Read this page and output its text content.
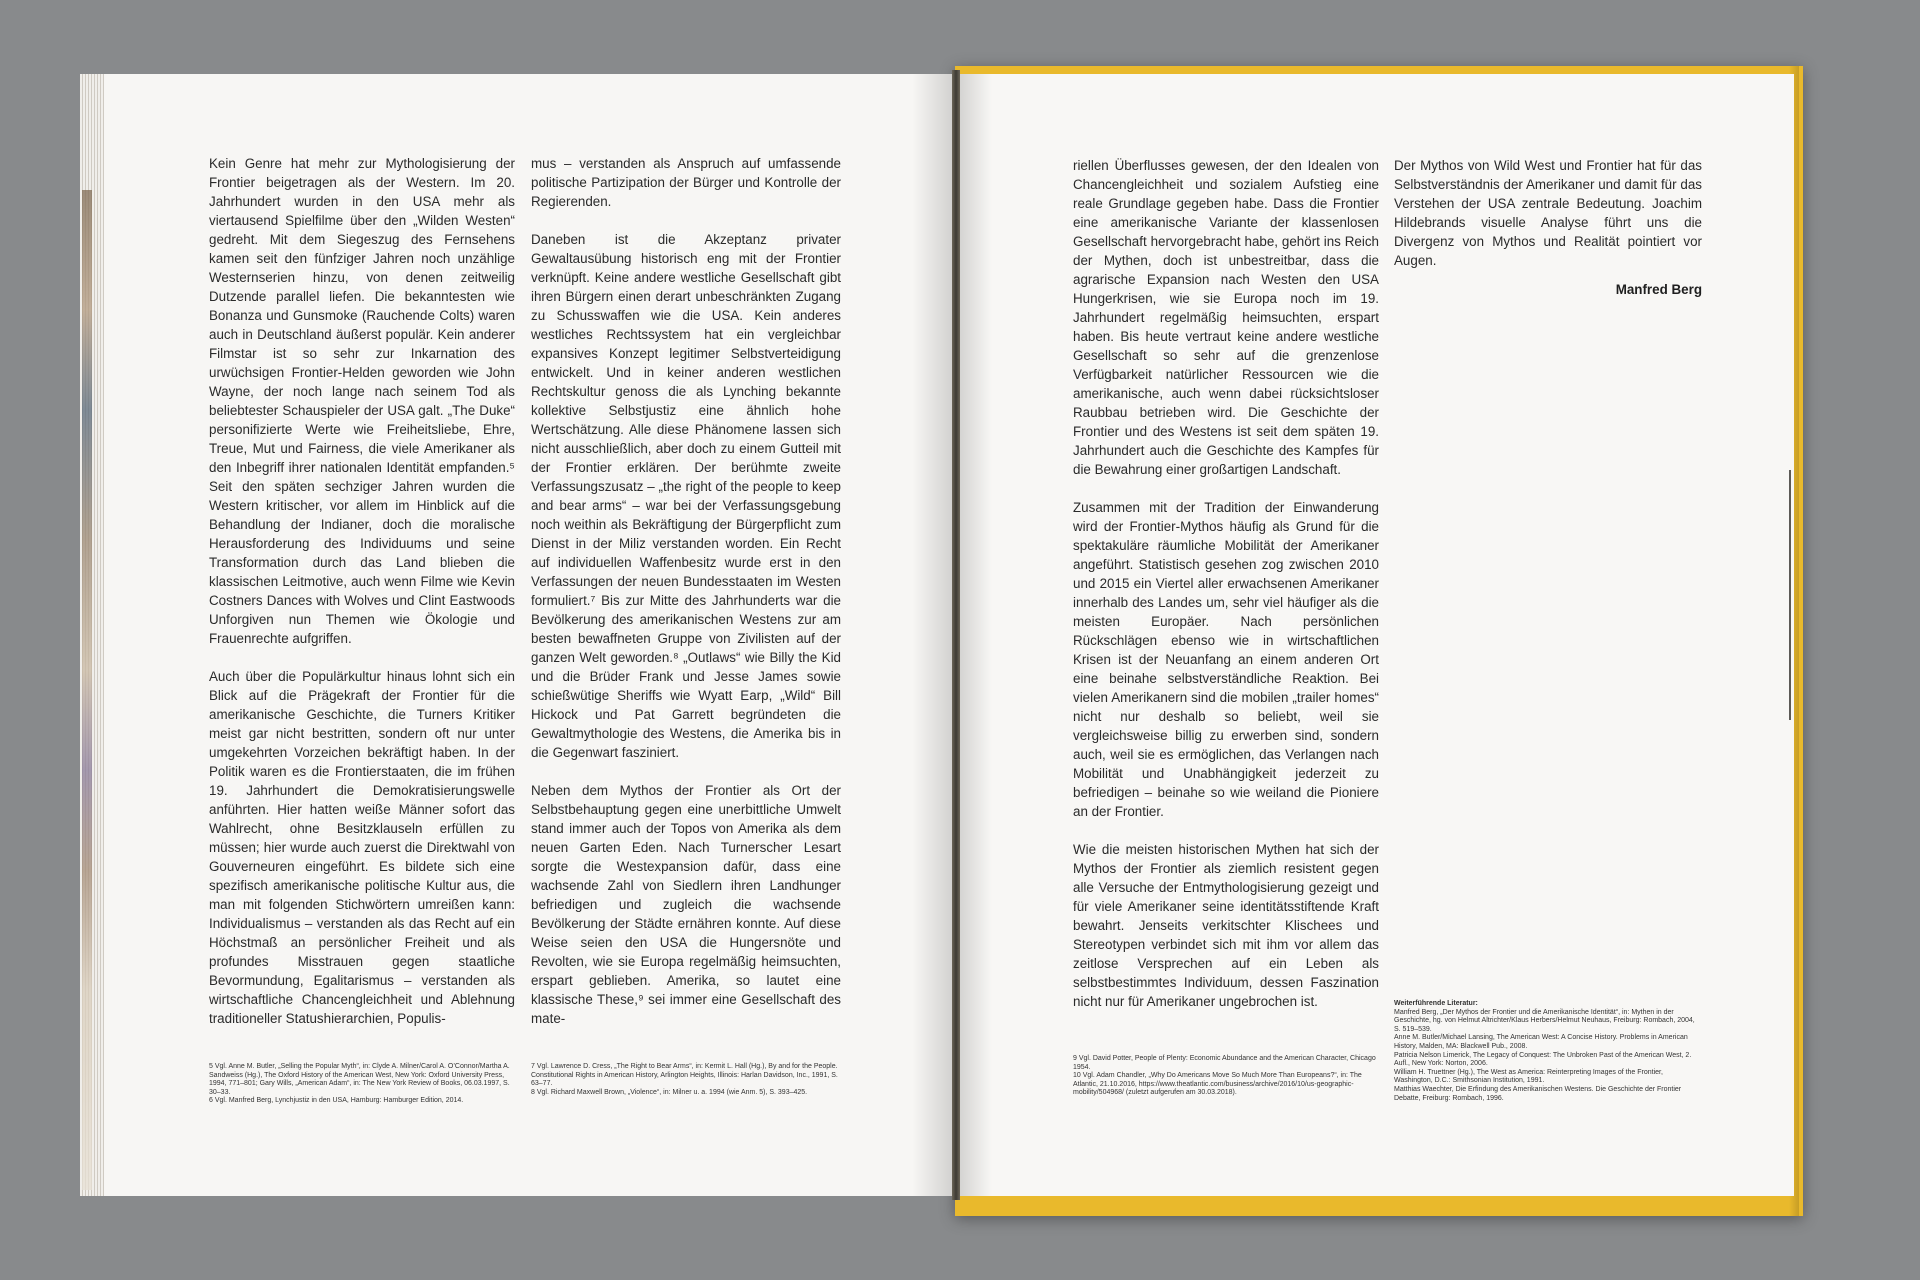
Kein Genre hat mehr zur Mythologisierung der Frontier beigetragen als der Western. Im 20. Jahrhundert wurden in den USA mehr als viertausend Spielfilme über den „Wilden Westen“ gedreht. Mit dem Siegeszug des Fernsehens kamen seit den fünfziger Jahren noch unzählige Westernserien hinzu, von denen zeitweilig Dutzende parallel liefen. Die bekanntesten wie Bonanza und Gunsmoke (Rauchende Colts) waren auch in Deutschland äußerst populär. Kein anderer Filmstar ist so sehr zur Inkarnation des urwüchsigen Frontier-Helden geworden wie John Wayne, der noch lange nach seinem Tod als beliebtester Schauspieler der USA galt. „The Duke“ personifizierte Werte wie Freiheitsliebe, Ehre, Treue, Mut und Fairness, die viele Amerikaner als den Inbegriff ihrer nationalen Identität empfanden.⁵ Seit den späten sechziger Jahren wurden die Western kritischer, vor allem im Hinblick auf die Behandlung der Indianer, doch die moralische Herausforderung des Individuums und seine Transformation durch das Land blieben die klassischen Leitmotive, auch wenn Filme wie Kevin Costners Dances with Wolves und Clint Eastwoods Unforgiven nun Themen wie Ökologie und Frauenrechte aufgriffen.

Auch über die Populärkultur hinaus lohnt sich ein Blick auf die Prägekraft der Frontier für die amerikanische Geschichte, die Turners Kritiker meist gar nicht bestritten, sondern oft nur unter umgekehrten Vorzeichen bekräftigt haben. In der Politik waren es die Frontierstaaten, die im frühen 19. Jahrhundert die Demokratisierungswelle anführten. Hier hatten weiße Männer sofort das Wahlrecht, ohne Besitzklauseln erfüllen zu müssen; hier wurde auch zuerst die Direktwahl von Gouverneuren eingeführt. Es bildete sich eine spezifisch amerikanische politische Kultur aus, die man mit folgenden Stichwörtern umreißen kann: Individualismus – verstanden als das Recht auf ein Höchstmaß an persönlicher Freiheit und als profundes Misstrauen gegen staatliche Bevormundung, Egalitarismus – verstanden als wirtschaftliche Chancengleichheit und Ablehnung traditioneller Statushierarchien, Populis-

mus – verstanden als Anspruch auf umfassende politische Partizipation der Bürger und Kontrolle der Regierenden.

Daneben ist die Akzeptanz privater Gewaltausübung historisch eng mit der Frontier verknüpft. Keine andere westliche Gesellschaft gibt ihren Bürgern einen derart unbeschränkten Zugang zu Schusswaffen wie die USA. Kein anderes westliches Rechtssystem hat ein vergleichbar expansives Konzept legitimer Selbstverteidigung entwickelt. Und in keiner anderen westlichen Rechtskultur genoss die als Lynching bekannte kollektive Selbstjustiz eine ähnlich hohe Wertschätzung. Alle diese Phänomene lassen sich nicht ausschließlich, aber doch zu einem Gutteil mit der Frontier erklären. Der berühmte zweite Verfassungszusatz – „the right of the people to keep and bear arms“ – war bei der Verfassungsgebung noch weithin als Bekräftigung der Bürgerpflicht zum Dienst in der Miliz verstanden worden. Ein Recht auf individuellen Waffenbesitz wurde erst in den Verfassungen der neuen Bundesstaaten im Westen formuliert.⁷ Bis zur Mitte des Jahrhunderts war die Bevölkerung des amerikanischen Westens zur am besten bewaffneten Gruppe von Zivilisten auf der ganzen Welt geworden.⁸ „Outlaws“ wie Billy the Kid und die Brüder Frank und Jesse James sowie schießwütige Sheriffs wie Wyatt Earp, „Wild“ Bill Hickock und Pat Garrett begründeten die Gewaltmythologie des Westens, die Amerika bis in die Gegenwart fasziniert.

Neben dem Mythos der Frontier als Ort der Selbstbehauptung gegen eine unerbittliche Umwelt stand immer auch der Topos von Amerika als dem neuen Garten Eden. Nach Turnerscher Lesart sorgte die Westexpansion dafür, dass eine wachsende Zahl von Siedlern ihren Landhunger befriedigen und zugleich die wachsende Bevölkerung der Städte ernähren konnte. Auf diese Weise seien den USA die Hungersnöte und Revolten, wie sie Europa regelmäßig heimsuchten, erspart geblieben. Amerika, so lautet eine klassische These,⁹ sei immer eine Gesellschaft des mate-

riellen Überflusses gewesen, der den Idealen von Chancengleichheit und sozialem Aufstieg eine reale Grundlage gegeben habe. Dass die Frontier eine amerikanische Variante der klassenlosen Gesellschaft hervorgebracht habe, gehört ins Reich der Mythen, doch ist unbestreitbar, dass die agrarische Expansion nach Westen den USA Hungerkrisen, wie sie Europa noch im 19. Jahrhundert regelmäßig heimsuchten, erspart haben. Bis heute vertraut keine andere westliche Gesellschaft so sehr auf die grenzenlose Verfügbarkeit natürlicher Ressourcen wie die amerikanische, auch wenn dabei rücksichtsloser Raubbau betrieben wird. Die Geschichte der Frontier und des Westens ist seit dem späten 19. Jahrhundert auch die Geschichte des Kampfes für die Bewahrung einer großartigen Landschaft.

Zusammen mit der Tradition der Einwanderung wird der Frontier-Mythos häufig als Grund für die spektakuläre räumliche Mobilität der Amerikaner angeführt. Statistisch gesehen zog zwischen 2010 und 2015 ein Viertel aller erwachsenen Amerikaner innerhalb des Landes um, sehr viel häufiger als die meisten Europäer. Nach persönlichen Rückschlägen ebenso wie in wirtschaftlichen Krisen ist der Neuanfang an einem anderen Ort eine beinahe selbstverständliche Reaktion. Bei vielen Amerikanern sind die mobilen „trailer homes“ nicht nur deshalb so beliebt, weil sie vergleichsweise billig zu erwerben sind, sondern auch, weil sie es ermöglichen, das Verlangen nach Mobilität und Unabhängigkeit jederzeit zu befriedigen – beinahe so wie weiland die Pioniere an der Frontier.

Wie die meisten historischen Mythen hat sich der Mythos der Frontier als ziemlich resistent gegen alle Versuche der Entmythologisierung gezeigt und für viele Amerikaner seine identitätsstiftende Kraft bewahrt. Jenseits verkitschter Klischees und Stereotypen verbindet sich mit ihm vor allem das zeitlose Versprechen auf ein Leben als selbstbestimmtes Individuum, dessen Faszination nicht nur für Amerikaner ungebrochen ist.

Der Mythos von Wild West und Frontier hat für das Selbstverständnis der Amerikaner und damit für das Verstehen der USA zentrale Bedeutung. Joachim Hildebrands visuelle Analyse führt uns die Divergenz von Mythos und Realität pointiert vor Augen.

Manfred Berg
5 Vgl. Anne M. Butler, „Selling the Popular Myth“, in: Clyde A. Milner/Carol A. O’Connor/Martha A. Sandweiss (Hg.), The Oxford History of the American West, New York: Oxford University Press, 1994, 771–801; Gary Wills, „American Adam“, in: The New York Review of Books, 06.03.1997, S. 30–33.
6 Vgl. Manfred Berg, Lynchjustiz in den USA, Hamburg: Hamburger Edition, 2014.
7 Vgl. Lawrence D. Cress, „The Right to Bear Arms“, in: Kermit L. Hall (Hg.), By and for the People. Constitutional Rights in American History, Arlington Heights, Illinois: Harlan Davidson, Inc., 1991, S. 63–77.
8 Vgl. Richard Maxwell Brown, „Violence“, in: Milner u. a. 1994 (wie Anm. 5), S. 393–425.
9 Vgl. David Potter, People of Plenty: Economic Abundance and the American Character, Chicago 1954.
10 Vgl. Adam Chandler, „Why Do Americans Move So Much More Than Europeans?“, in: The Atlantic, 21.10.2016, https://www.theatlantic.com/business/archive/2016/10/us-geographic-mobility/504968/ (zuletzt aufgerufen am 30.03.2018).
Weiterführende Literatur:
Manfred Berg, „Der Mythos der Frontier und die Amerikanische Identität“, in: Mythen in der Geschichte, hg. von Helmut Altrichter/Klaus Herbers/Helmut Neuhaus, Freiburg: Rombach, 2004, S. 519–539.
Anne M. Butler/Michael Lansing, The American West: A Concise History. Problems in American History, Malden, MA: Blackwell Pub., 2008.
Patricia Nelson Limerick, The Legacy of Conquest: The Unbroken Past of the American West, 2. Aufl., New York: Norton, 2006.
William H. Truettner (Hg.), The West as America: Reinterpreting Images of the Frontier, Washington, D.C.: Smithsonian Institution, 1991.
Matthias Waechter, Die Erfindung des Amerikanischen Westens. Die Geschichte der Frontier Debatte, Freiburg: Rombach, 1996.
